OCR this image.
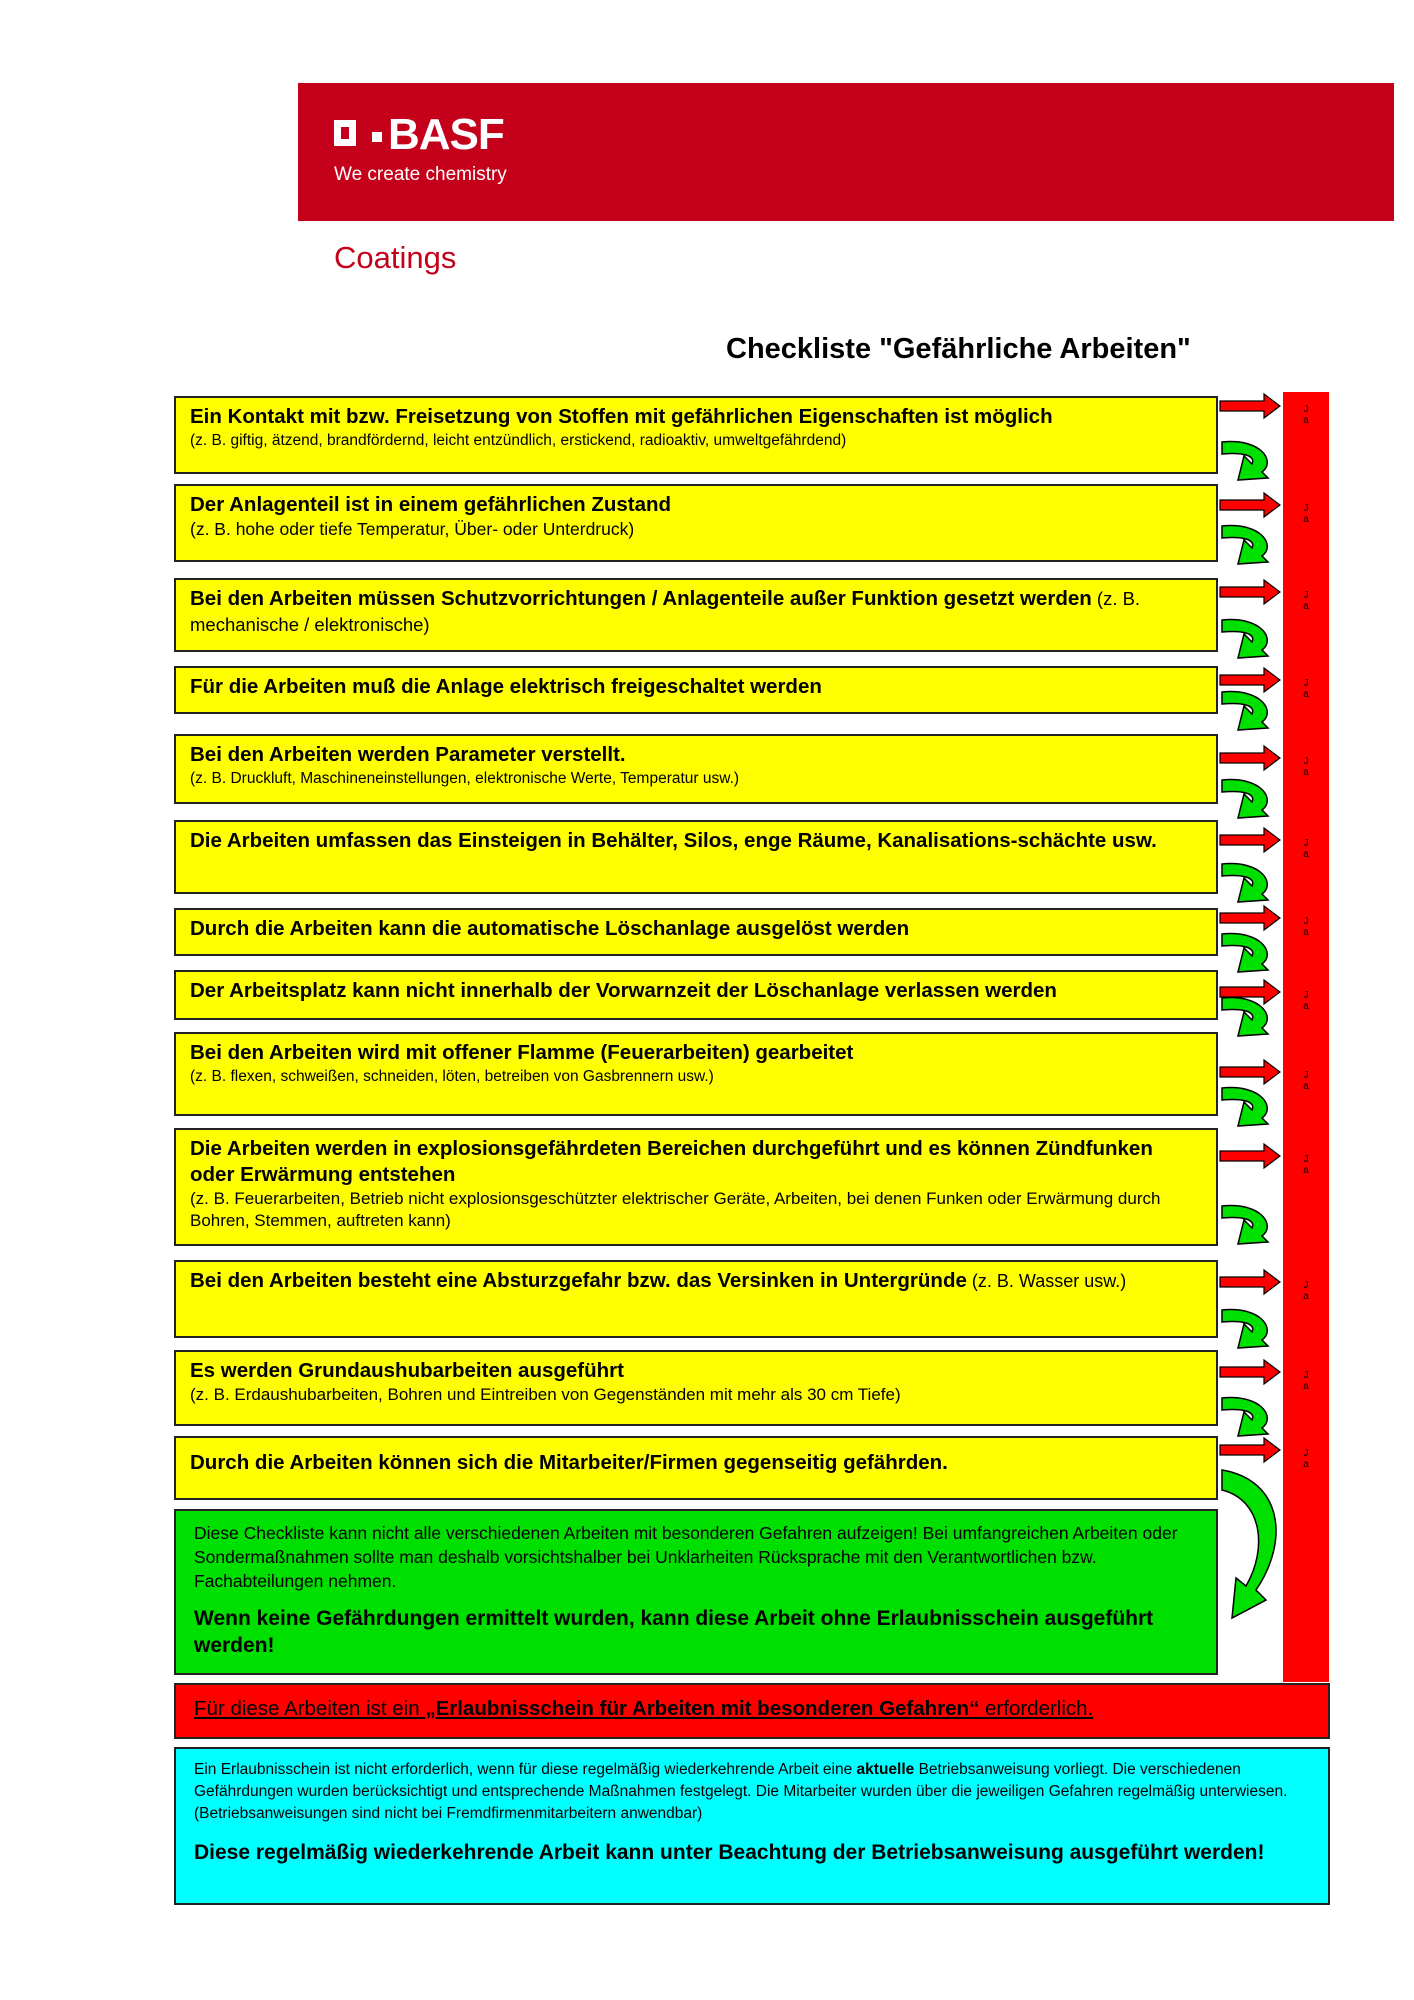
BASF
We create chemistry
Coatings
Checkliste "Gefährliche Arbeiten"
Ein Kontakt mit bzw. Freisetzung von Stoffen mit gefährlichen Eigenschaften ist möglich
(z. B. giftig, ätzend, brandfördernd, leicht entzündlich, erstickend, radioaktiv, umweltgefährdend)
Der Anlagenteil ist in einem gefährlichen Zustand
(z. B. hohe oder tiefe Temperatur, Über- oder Unterdruck)
Bei den Arbeiten müssen Schutzvorrichtungen / Anlagenteile außer Funktion gesetzt werden (z. B. mechanische / elektronische)
Für die Arbeiten muß die Anlage elektrisch freigeschaltet werden
Bei den Arbeiten werden Parameter verstellt.
(z. B. Druckluft, Maschineneinstellungen, elektronische Werte, Temperatur usw.)
Die Arbeiten umfassen das Einsteigen in Behälter, Silos, enge Räume, Kanalisations-schächte usw.
Durch die Arbeiten kann die automatische Löschanlage ausgelöst werden
Der Arbeitsplatz kann nicht innerhalb der Vorwarnzeit der Löschanlage verlassen werden
Bei den Arbeiten wird mit offener Flamme (Feuerarbeiten) gearbeitet
(z. B. flexen, schweißen, schneiden, löten, betreiben von Gasbrennern usw.)
Die Arbeiten werden in explosionsgefährdeten Bereichen durchgeführt und es können Zündfunken oder Erwärmung entstehen
(z. B. Feuerarbeiten, Betrieb nicht explosionsgeschützter elektrischer Geräte, Arbeiten, bei denen Funken oder Erwärmung durch Bohren, Stemmen, auftreten kann)
Bei den Arbeiten besteht eine Absturzgefahr bzw. das Versinken in Untergründe (z. B. Wasser usw.)
Es werden Grundaushubarbeiten ausgeführt
(z. B. Erdaushubarbeiten, Bohren und Eintreiben von Gegenständen mit mehr als 30 cm Tiefe)
Durch die Arbeiten können sich die Mitarbeiter/Firmen gegenseitig gefährden.
Diese Checkliste kann nicht alle verschiedenen Arbeiten mit besonderen Gefahren aufzeigen! Bei umfangreichen Arbeiten oder Sondermaßnahmen sollte man deshalb vorsichtshalber bei Unklarheiten Rücksprache mit den Verantwortlichen bzw. Fachabteilungen nehmen.
Wenn keine Gefährdungen ermittelt wurden, kann diese Arbeit ohne Erlaubnisschein ausgeführt werden!
Für diese Arbeiten ist ein „Erlaubnisschein für Arbeiten mit besonderen Gefahren“ erforderlich.
Ein Erlaubnisschein ist nicht erforderlich, wenn für diese regelmäßig wiederkehrende Arbeit eine aktuelle Betriebsanweisung vorliegt. Die verschiedenen Gefährdungen wurden berücksichtigt und entsprechende Maßnahmen festgelegt. Die Mitarbeiter wurden über die jeweiligen Gefahren regelmäßig unterwiesen. (Betriebsanweisungen sind nicht bei Fremdfirmenmitarbeitern anwendbar)
Diese regelmäßig wiederkehrende Arbeit kann unter Beachtung der Betriebsanweisung ausgeführt werden!
J
a
J
a
J
a
J
a
J
a
J
a
J
a
J
a
J
a
J
a
J
a
J
a
J
a
